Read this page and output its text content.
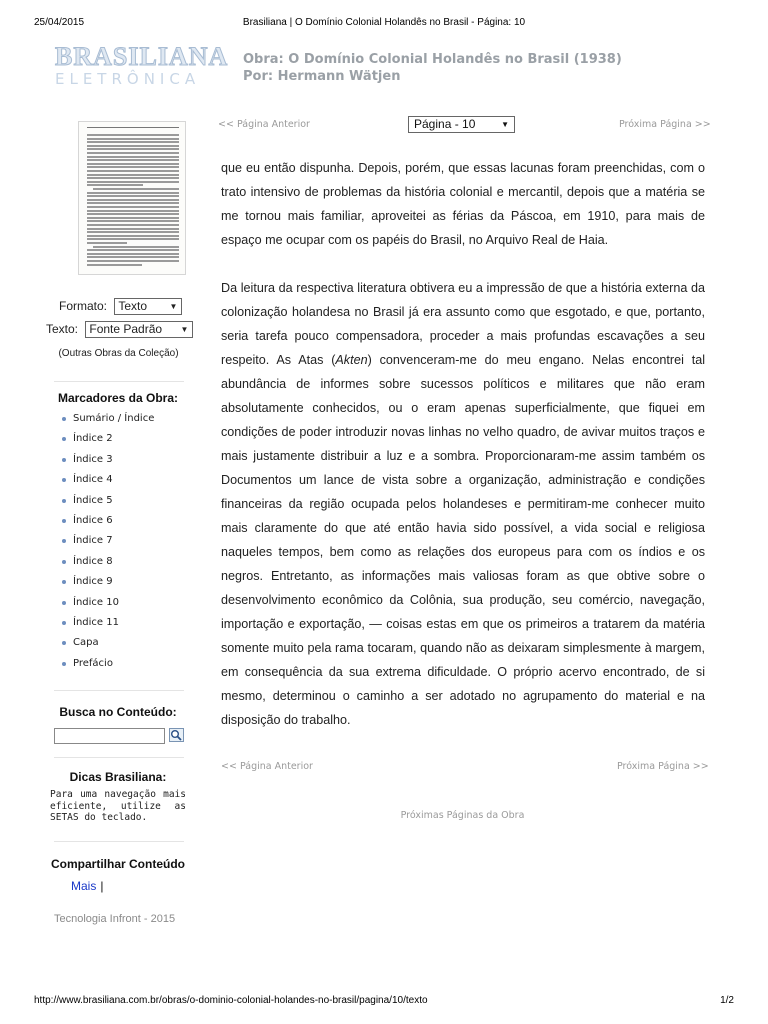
25/04/2015	Brasiliana | O Domínio Colonial Holandês no Brasil - Página: 10
BRASILIANA
ELETRÔNICA
Obra: O Domínio Colonial Holandês no Brasil (1938)
Por: Hermann Wätjen
Formato: Texto	▼
Texto: Fonte Padrão ▼
(Outras Obras da Coleção)
Marcadores da Obra:
Sumário / Índice
Índice 2
Índice 3
Índice 4
Índice 5
Índice 6
Índice 7
Índice 8
Índice 9
Índice 10
Índice 11
Capa
Prefácio
Busca no Conteúdo:
Dicas Brasiliana:
Para uma navegação mais eficiente, utilize as SETAS do teclado.
Compartilhar Conteúdo
Mais |
Tecnologia Infront - 2015
<< Página Anterior	Página - 10	▼	Próxima Página >>

que eu então dispunha. Depois, porém, que essas lacunas foram preenchidas, com o trato intensivo de problemas da história colonial e mercantil, depois que a matéria se me tornou mais familiar, aproveitei as férias da Páscoa, em 1910, para mais de espaço me ocupar com os papéis do Brasil, no Arquivo Real de Haia.

Da leitura da respectiva literatura obtivera eu a impressão de que a história externa da colonização holandesa no Brasil já era assunto como que esgotado, e que, portanto, seria tarefa pouco compensadora, proceder a mais profundas escavações a seu respeito. As Atas (Akten) convenceram-me do meu engano. Nelas encontrei tal abundância de informes sobre sucessos políticos e militares que não eram absolutamente conhecidos, ou o eram apenas superficialmente, que fiquei em condições de poder introduzir novas linhas no velho quadro, de avivar muitos traços e mais justamente distribuir a luz e a sombra. Proporcionaram-me assim também os Documentos um lance de vista sobre a organização, administração e condições financeiras da região ocupada pelos holandeses e permitiram-me conhecer muito mais claramente do que até então havia sido possível, a vida social e religiosa naqueles tempos, bem como as relações dos europeus para com os índios e os negros. Entretanto, as informações mais valiosas foram as que obtive sobre o desenvolvimento econômico da Colônia, sua produção, seu comércio, navegação, importação e exportação, — coisas estas em que os primeiros a tratarem da matéria somente muito pela rama tocaram, quando não as deixaram simplesmente à margem, em consequência da sua extrema dificuldade. O próprio acervo encontrado, de si mesmo, determinou o caminho a ser adotado no agrupamento do material e na disposição do trabalho.

<< Página Anterior	Próxima Página >>
Próximas Páginas da Obra
http://www.brasiliana.com.br/obras/o-dominio-colonial-holandes-no-brasil/pagina/10/texto	1/2
